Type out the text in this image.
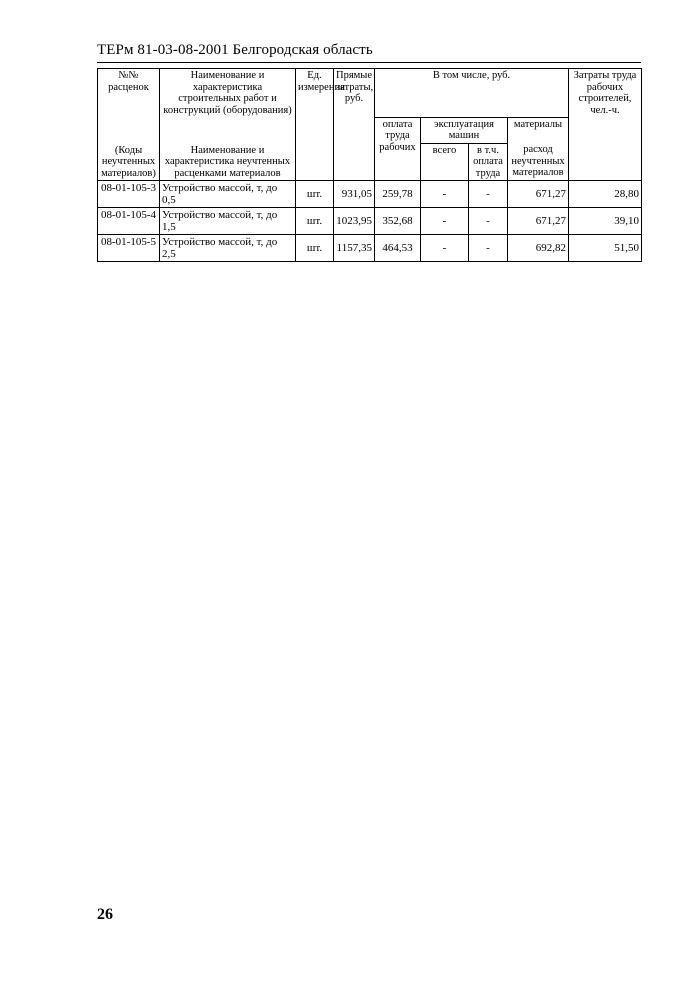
ТЕРм 81-03-08-2001 Белгородская область
№№ расценок	Наименование и характеристика строительных работ и конструкций (оборудования)	Ед. измерения	Прямые затраты, руб.	В том числе, руб.				Затраты труда рабочих строителей, чел.-ч.
(Коды неучтенных материалов)	Наименование и характеристика неучтенных расценками материалов			оплата труда рабочих	эксплуатация машин		материалы	
					всего	в т.ч. оплата труда	расход неучтенных материалов	
08-01-105-3	Устройство массой, т, до 0,5	шт.	931,05	259,78	-	-	671,27	28,80
08-01-105-4	Устройство массой, т, до 1,5	шт.	1023,95	352,68	-	-	671,27	39,10
08-01-105-5	Устройство массой, т, до 2,5	шт.	1157,35	464,53	-	-	692,82	51,50
26
